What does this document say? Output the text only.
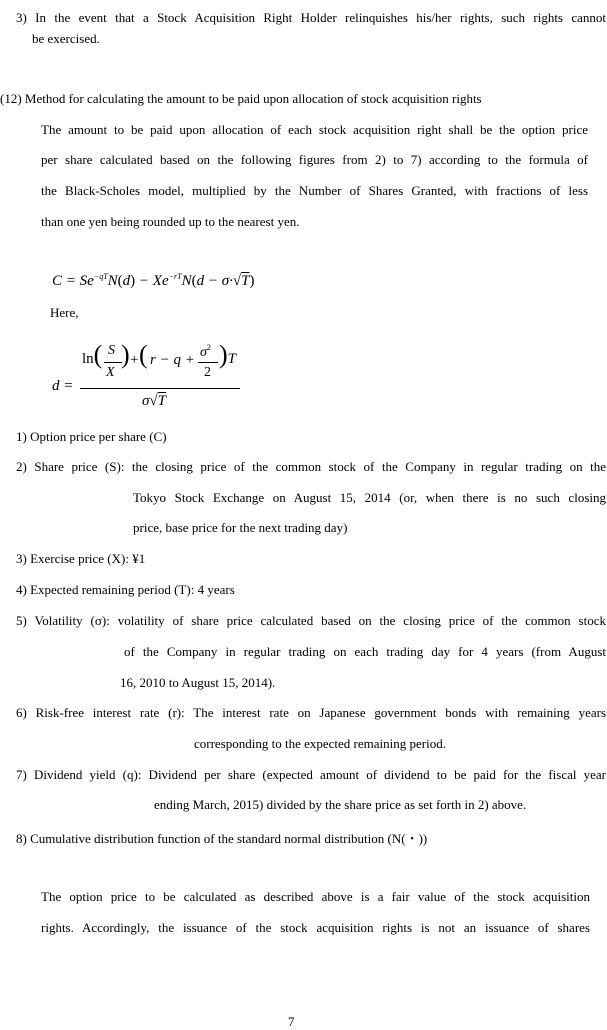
3) In the event that a Stock Acquisition Right Holder relinquishes his/her rights, such rights cannot
be exercised.
(12) Method for calculating the amount to be paid upon allocation of stock acquisition rights
The amount to be paid upon allocation of each stock acquisition right shall be the option price
per share calculated based on the following figures from 2) to 7) according to the formula of
the Black-Scholes model, multiplied by the Number of Shares Granted, with fractions of less
than one yen being rounded up to the nearest yen.
$C = Se^{-qT}N(d) - Xe^{-rT}N(d - \sigma\cdot√T)$
Here,
d =
ln( S
X
) + ( $r - q + \sigma^2$
2
)T
σ√T
1) Option price per share (C)
2) Share price (S): the closing price of the common stock of the Company in regular trading on the
Tokyo Stock Exchange on August 15, 2014 (or, when there is no such closing
price, base price for the next trading day)
3) Exercise price (X): ¥1
4) Expected remaining period (T): 4 years
5) Volatility (σ): volatility of share price calculated based on the closing price of the common stock
of the Company in regular trading on each trading day for 4 years (from August
16, 2010 to August 15, 2014).
6) Risk-free interest rate (r): The interest rate on Japanese government bonds with remaining years
corresponding to the expected remaining period.
7) Dividend yield (q): Dividend per share (expected amount of dividend to be paid for the fiscal year
ending March, 2015) divided by the share price as set forth in 2) above.
8) Cumulative distribution function of the standard normal distribution (N(・))
The option price to be calculated as described above is a fair value of the stock acquisition
rights. Accordingly, the issuance of the stock acquisition rights is not an issuance of shares
7
